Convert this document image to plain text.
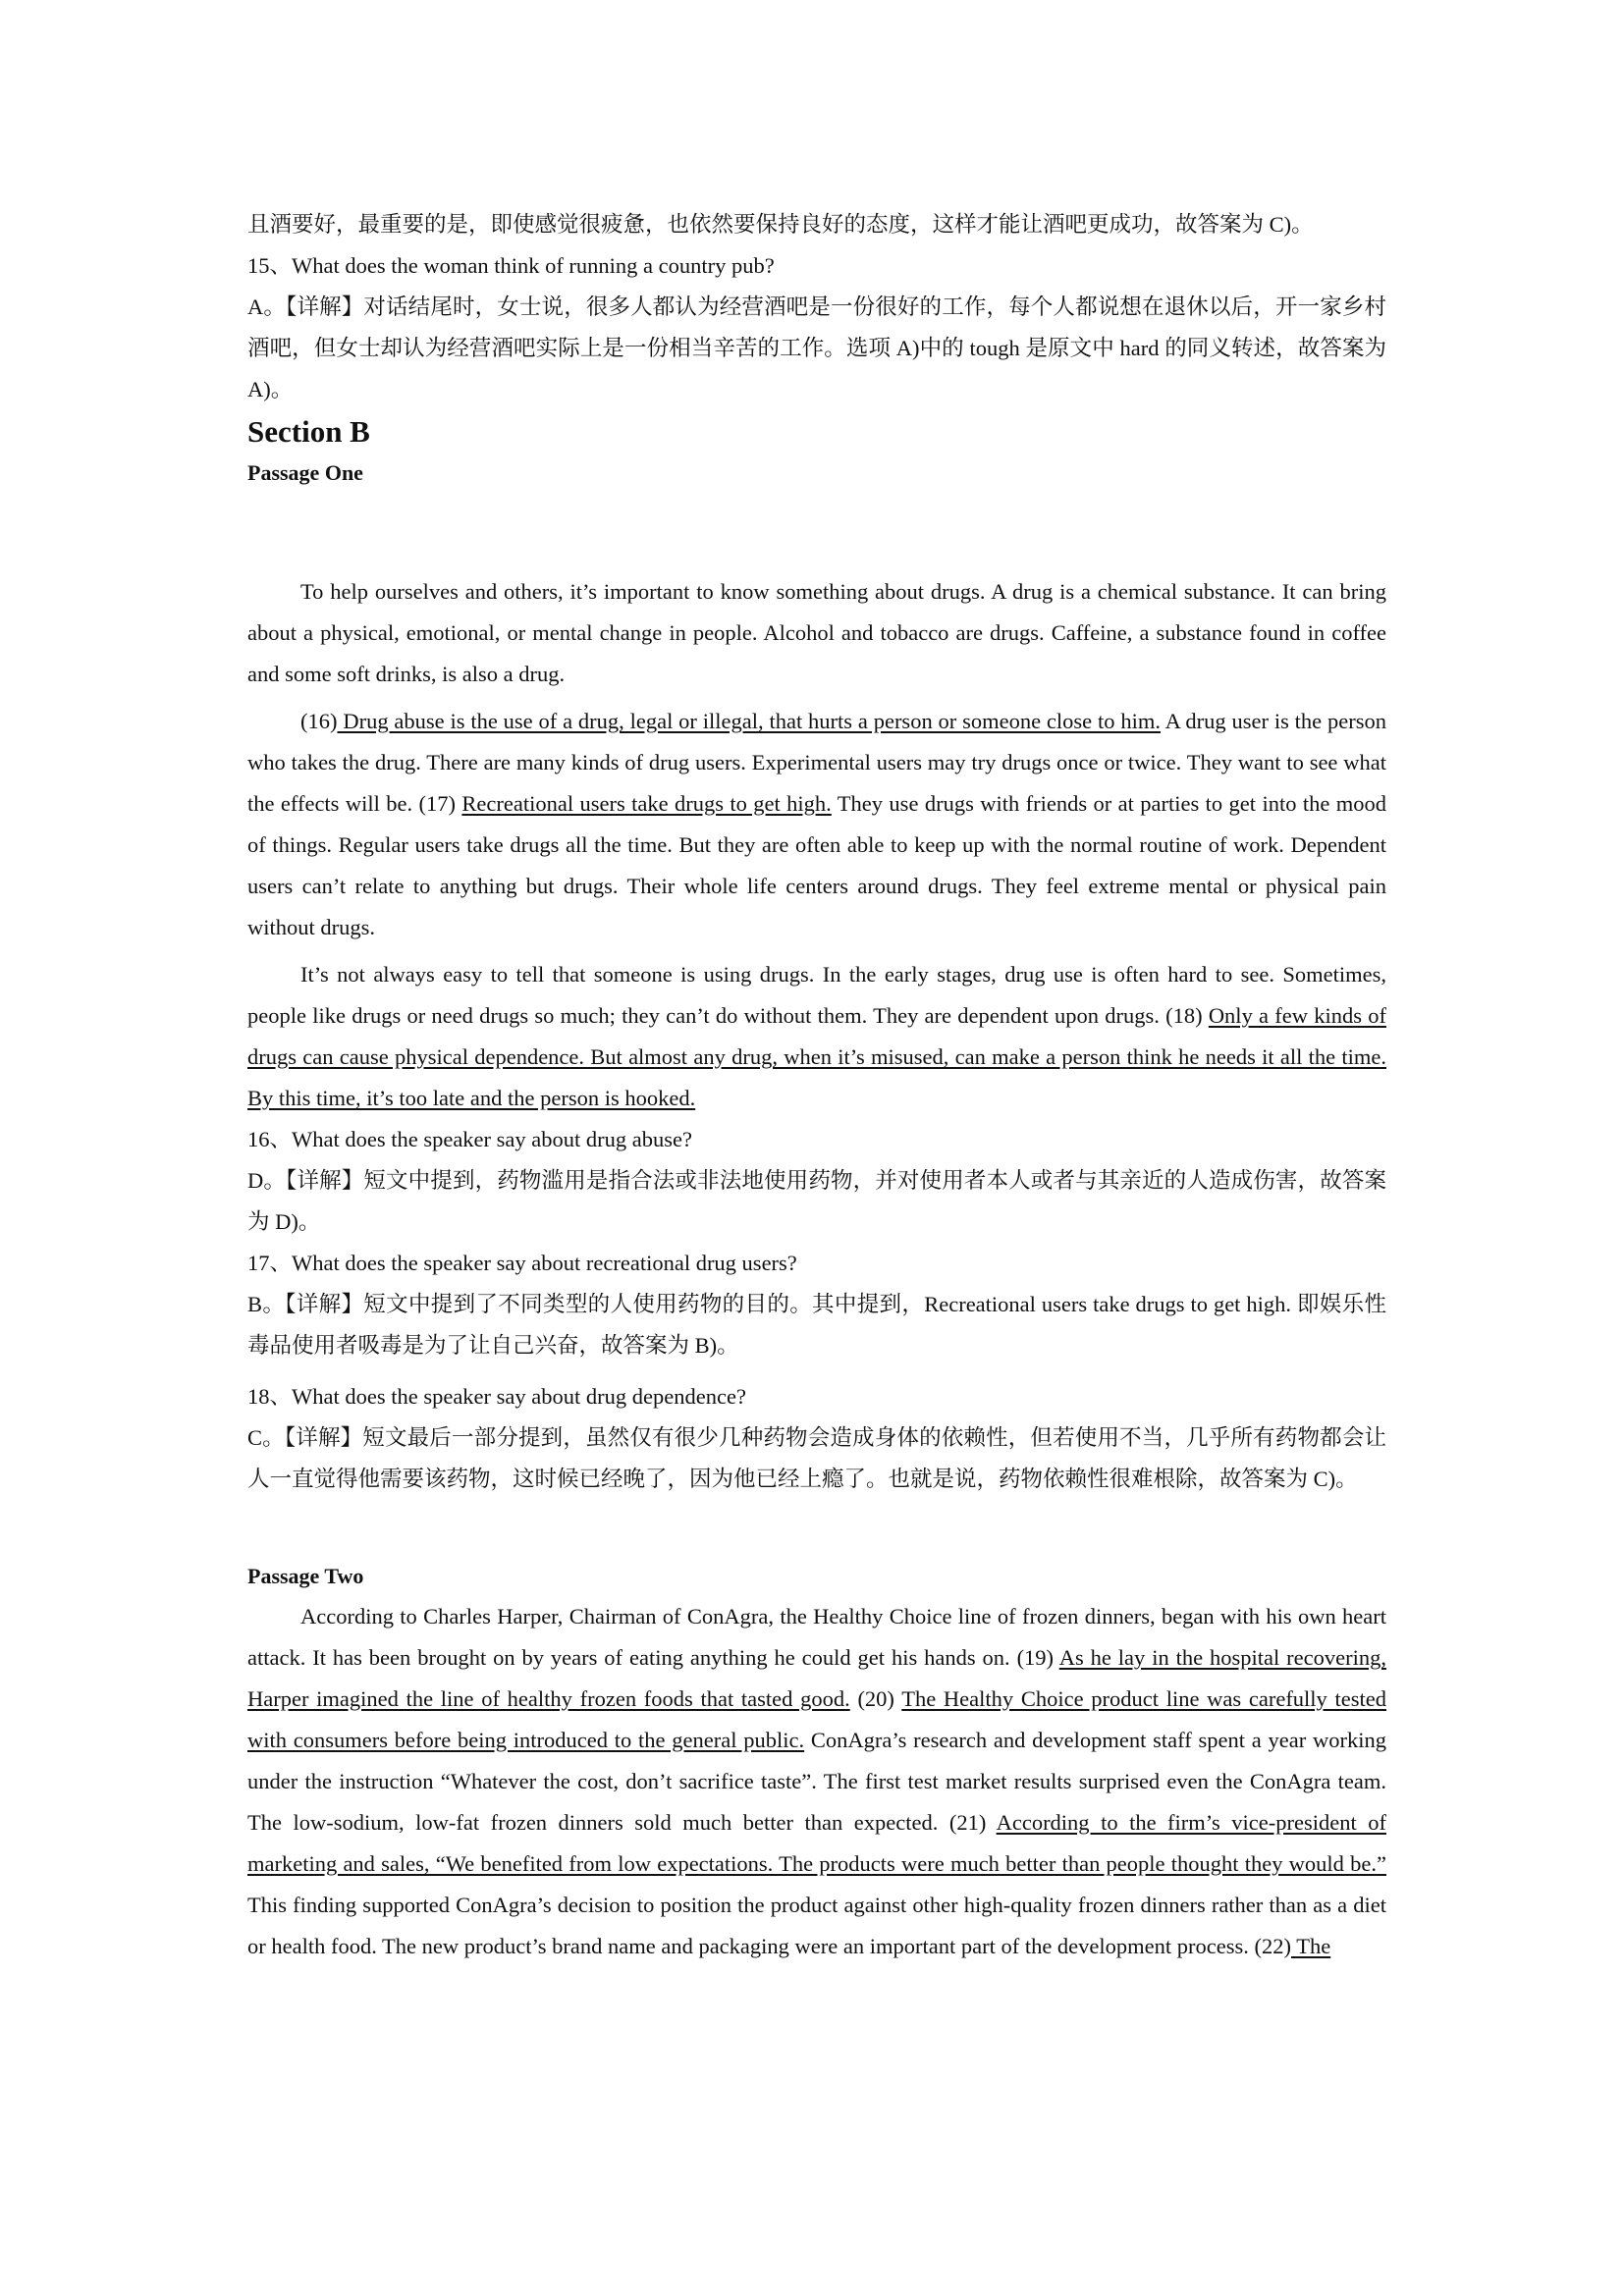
且酒要好，最重要的是，即使感觉很疲惫，也依然要保持良好的态度，这样才能让酒吧更成功，故答案为 C)。
15、What does the woman think of running a country pub?
A。【详解】对话结尾时，女士说，很多人都认为经营酒吧是一份很好的工作，每个人都说想在退休以后，开一家乡村酒吧，但女士却认为经营酒吧实际上是一份相当辛苦的工作。选项 A)中的 tough 是原文中 hard 的同义转述，故答案为 A)。
Section B
Passage One
To help ourselves and others, it’s important to know something about drugs. A drug is a chemical substance. It can bring about a physical, emotional, or mental change in people. Alcohol and tobacco are drugs. Caffeine, a substance found in coffee and some soft drinks, is also a drug.
(16) Drug abuse is the use of a drug, legal or illegal, that hurts a person or someone close to him. A drug user is the person who takes the drug. There are many kinds of drug users. Experimental users may try drugs once or twice. They want to see what the effects will be. (17) Recreational users take drugs to get high. They use drugs with friends or at parties to get into the mood of things. Regular users take drugs all the time. But they are often able to keep up with the normal routine of work. Dependent users can’t relate to anything but drugs. Their whole life centers around drugs. They feel extreme mental or physical pain without drugs.
It’s not always easy to tell that someone is using drugs. In the early stages, drug use is often hard to see. Sometimes, people like drugs or need drugs so much; they can’t do without them. They are dependent upon drugs. (18) Only a few kinds of drugs can cause physical dependence. But almost any drug, when it’s misused, can make a person think he needs it all the time. By this time, it’s too late and the person is hooked.
16、What does the speaker say about drug abuse?
D。【详解】短文中提到，药物滥用是指合法或非法地使用药物，并对使用者本人或者与其亲近的人造成伤害，故答案为 D)。
17、What does the speaker say about recreational drug users?
B。【详解】短文中提到了不同类型的人使用药物的目的。其中提到，Recreational users take drugs to get high. 即娱乐性毒品使用者吸毒是为了让自己兴奋，故答案为 B)。
18、What does the speaker say about drug dependence?
C。【详解】短文最后一部分提到，虽然仅有很少几种药物会造成身体的依赖性，但若使用不当，几乎所有药物都会让人一直觉得他需要该药物，这时候已经晚了，因为他已经上瘾了。也就是说，药物依赖性很难根除，故答案为 C)。
Passage Two
According to Charles Harper, Chairman of ConAgra, the Healthy Choice line of frozen dinners, began with his own heart attack. It has been brought on by years of eating anything he could get his hands on. (19) As he lay in the hospital recovering, Harper imagined the line of healthy frozen foods that tasted good. (20) The Healthy Choice product line was carefully tested with consumers before being introduced to the general public. ConAgra’s research and development staff spent a year working under the instruction “Whatever the cost, don’t sacrifice taste”. The first test market results surprised even the ConAgra team. The low-sodium, low-fat frozen dinners sold much better than expected. (21) According to the firm’s vice-president of marketing and sales, “We benefited from low expectations. The products were much better than people thought they would be.” This finding supported ConAgra’s decision to position the product against other high-quality frozen dinners rather than as a diet or health food. The new product’s brand name and packaging were an important part of the development process. (22) The
